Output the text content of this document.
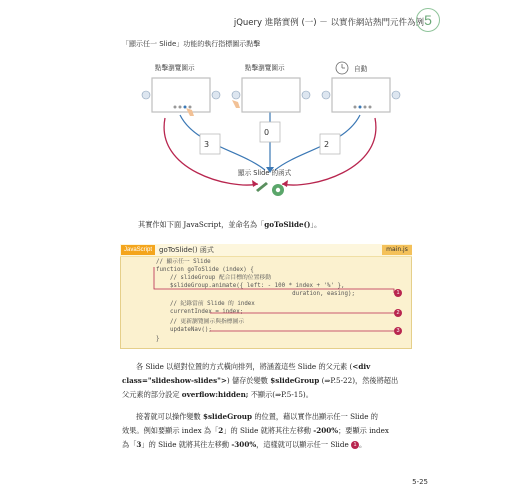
jQuery 進階實例 (一) － 以實作網站熱門元件為例 5
「顯示任一 Slide」功能的執行指標圖示點擊
點擊瀏覽圖示	點擊瀏覽圖示	自動
3
0
2
顯示 Slide 的函式
其實作如下面 JavaScript，並命名為「goToSlide()」。
JavaScript goToSlide() 函式	main.js
// 顯示任一 Slide
function goToSlide (index) {
// slideGroup 配合目標的位置移動
$slideGroup.animate({ left: - 100 * index + '%' },
duration, easing);
// 紀錄當前 Slide 的 index
currentIndex = index;
// 更新瀏覽圖示與指標圖示
updateNav();
}
1
2
3
各 Slide 以絕對位置的方式橫向排列，將涵蓋這些 Slide 的父元素 (<div
class="slideshow-slides">) 儲存於變數 $slideGroup (⇒P.5-22)，然後將超出
父元素的部分設定 overflow:hidden; 不顯示(⇒P.5-15)。
接著就可以操作變數 $slideGroup 的位置，藉以實作出顯示任一 Slide 的
效果。例如要顯示 index 為「2」的 Slide 就將其往左移動 -200%；要顯示 index
為「3」的 Slide 就將其往左移動 -300%，這樣就可以顯示任一 Slide 1 。
5-25
